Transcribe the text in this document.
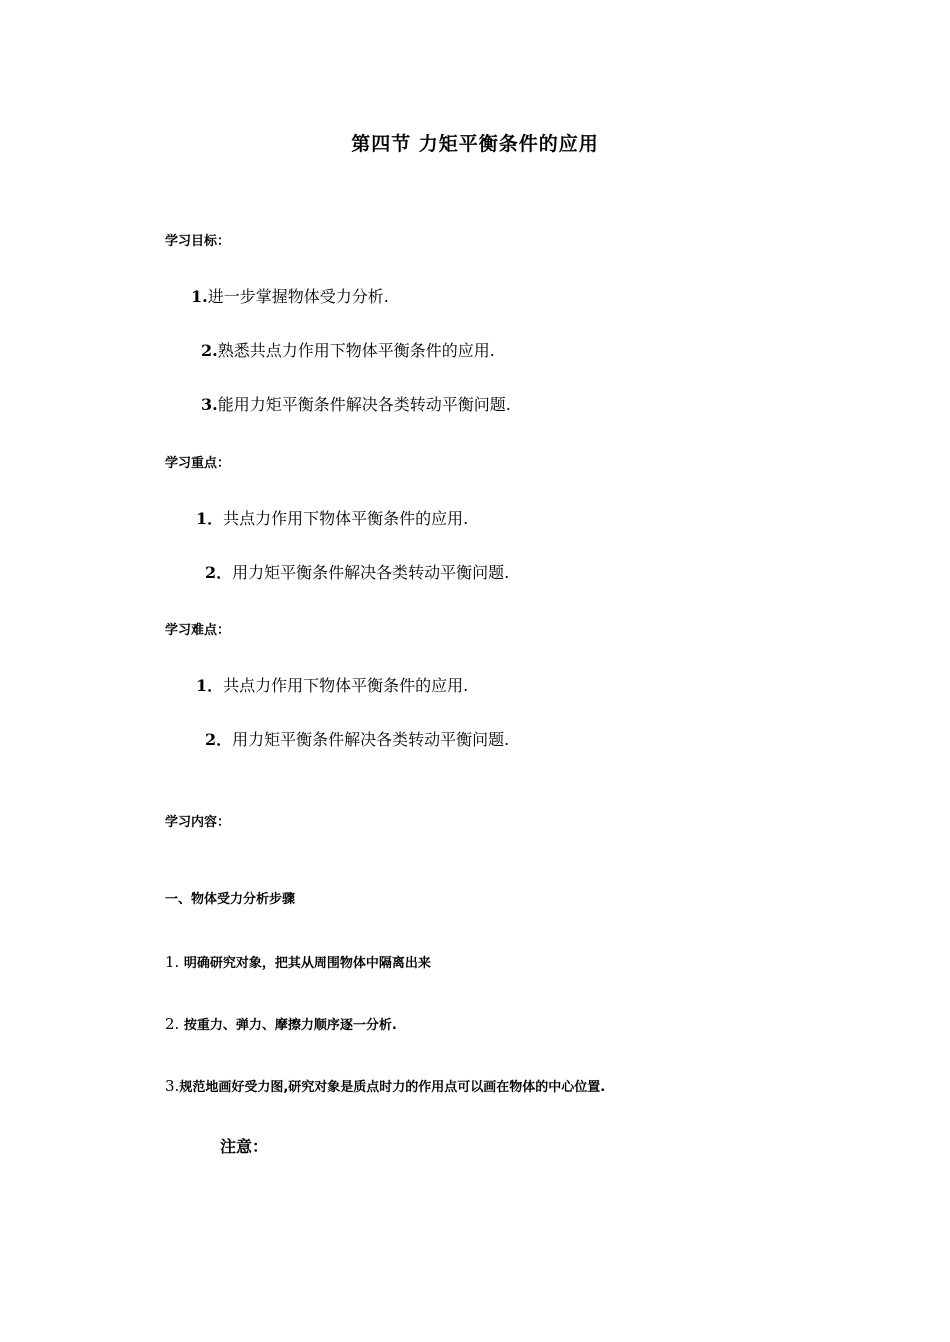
第四节 力矩平衡条件的应用
学习目标：
1.进一步掌握物体受力分析.
2.熟悉共点力作用下物体平衡条件的应用.
3.能用力矩平衡条件解决各类转动平衡问题.
学习重点：
1．共点力作用下物体平衡条件的应用.
2．用力矩平衡条件解决各类转动平衡问题.
学习难点：
1．共点力作用下物体平衡条件的应用.
2．用力矩平衡条件解决各类转动平衡问题.
学习内容：
一、物体受力分析步骤
1. 明确研究对象，把其从周围物体中隔离出来
2. 按重力、弹力、摩擦力顺序逐一分析.
3.规范地画好受力图,研究对象是质点时力的作用点可以画在物体的中心位置.
注意：
